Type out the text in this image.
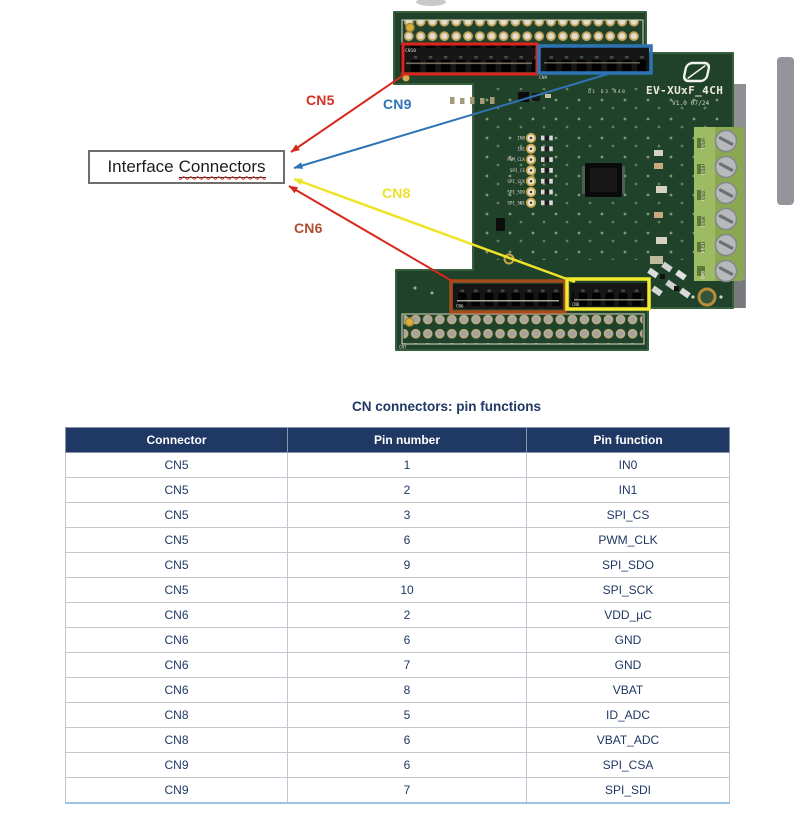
CN10
CN9
Q1 D3 R40 EV-XUxF_4CH
V1.0 07/24
IN0
IN1
PWM_CLK
SPI_CS
SPI_SCK
SPI_SDO
SPI_SDI
OUT2
OUT1
OUT0
OUT3
VBAT
GND
CN6	CN8
CN7
CN5	CN9
CN8
CN6
Interface Connectors
CN connectors: pin functions
Connector	Pin number	Pin function
CN5	1	IN0
CN5	2	IN1
CN5	3	SPI_CS
CN5	6	PWM_CLK
CN5	9	SPI_SDO
CN5	10	SPI_SCK
CN6	2	VDD_µC
CN6	6	GND
CN6	7	GND
CN6	8	VBAT
CN8	5	ID_ADC
CN8	6	VBAT_ADC
CN9	6	SPI_CSA
CN9	7	SPI_SDI
